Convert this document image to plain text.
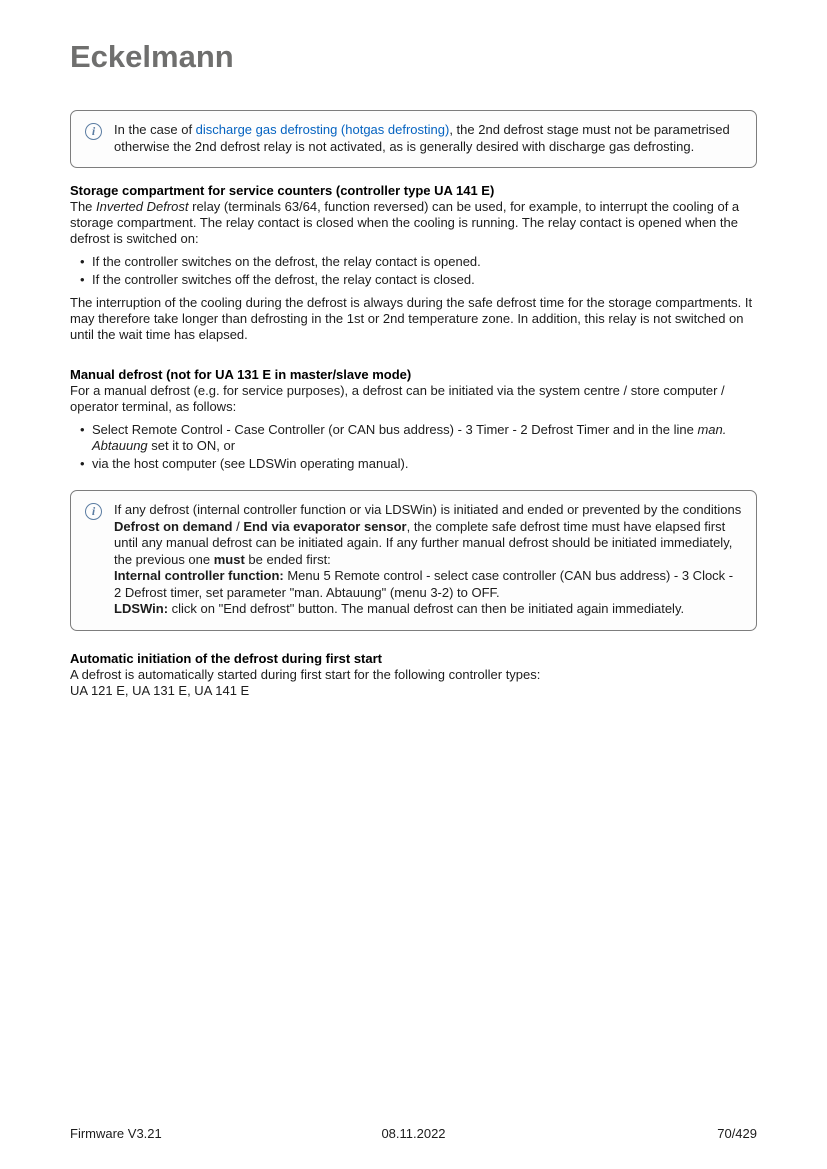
Eckelmann
i	In the case of discharge gas defrosting (hotgas defrosting), the 2nd defrost stage must not be parametrised otherwise the 2nd defrost relay is not activated, as is generally desired with discharge gas defrosting.
Storage compartment for service counters (controller type UA 141 E)

The Inverted Defrost relay (terminals 63/64, function reversed) can be used, for example, to interrupt the cooling of a storage compartment. The relay contact is closed when the cooling is running. The relay contact is opened when the defrost is switched on:

• If the controller switches on the defrost, the relay contact is opened.
• If the controller switches off the defrost, the relay contact is closed.

The interruption of the cooling during the defrost is always during the safe defrost time for the storage compartments. It may therefore take longer than defrosting in the 1st or 2nd temperature zone. In addition, this relay is not switched on until the wait time has elapsed.

Manual defrost (not for UA 131 E in master/slave mode)

For a manual defrost (e.g. for service purposes), a defrost can be initiated via the system centre / store computer / operator terminal, as follows:

• Select Remote Control - Case Controller (or CAN bus address) - 3 Timer - 2 Defrost Timer and in the line man. Abtauung set it to ON, or
• via the host computer (see LDSWin operating manual).
i	If any defrost (internal controller function or via LDSWin) is initiated and ended or prevented by the conditions Defrost on demand / End via evaporator sensor, the complete safe defrost time must have elapsed first until any manual defrost can be initiated again. If any further manual defrost should be initiated immediately, the previous one must be ended first:
Internal controller function: Menu 5 Remote control - select case controller (CAN bus address) - 3 Clock - 2 Defrost timer, set parameter "man. Abtauung" (menu 3-2) to OFF.
LDSWin: click on "End defrost" button. The manual defrost can then be initiated again immediately.
Automatic initiation of the defrost during first start

A defrost is automatically started during first start for the following controller types:
UA 121 E, UA 131 E, UA 141 E

Firmware V3.21	08.11.2022	70/429
